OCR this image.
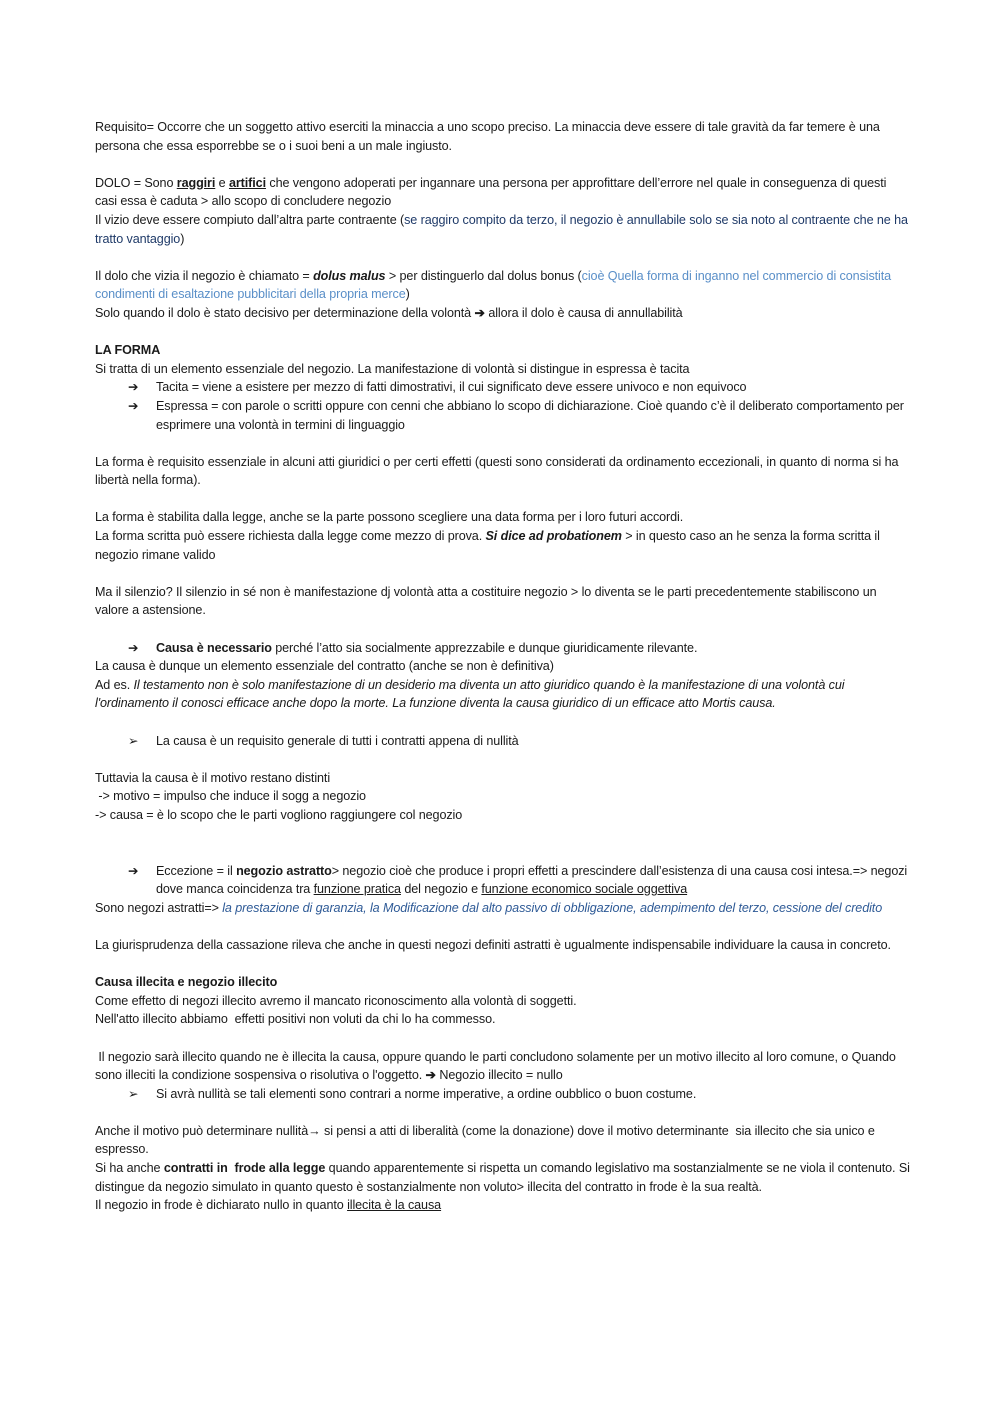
Requisito= Occorre che un soggetto attivo eserciti la minaccia a uno scopo preciso. La minaccia deve essere di tale gravità da far temere è una persona che essa esporrebbe se o i suoi beni a un male ingiusto.

DOLO = Sono raggiri e artifici che vengono adoperati per ingannare una persona per approfittare dell’errore nel quale in conseguenza di questi casi essa è caduta > allo scopo di concludere negozio

Il vizio deve essere compiuto dall’altra parte contraente (se raggiro compito da terzo, il negozio è annullabile solo se sia noto al contraente che ne ha tratto vantaggio)

Il dolo che vizia il negozio è chiamato = dolus malus > per distinguerlo dal dolus bonus (cioè Quella forma di inganno nel commercio di consistita condimenti di esaltazione pubblicitari della propria merce)

Solo quando il dolo è stato decisivo per determinazione della volontà ➔ allora il dolo è causa di annullabilità

LA FORMA

Si tratta di un elemento essenziale del negozio. La manifestazione di volontà si distingue in espressa è tacita

➔	Tacita = viene a esistere per mezzo di fatti dimostrativi, il cui significato deve essere univoco e non equivoco

➔	Espressa = con parole o scritti oppure con cenni che abbiano lo scopo di dichiarazione. Cioè quando c’è il deliberato comportamento per esprimere una volontà in termini di linguaggio

La forma è requisito essenziale in alcuni atti giuridici o per certi effetti (questi sono considerati da ordinamento eccezionali, in quanto di norma si ha libertà nella forma).

La forma è stabilita dalla legge, anche se la parte possono scegliere una data forma per i loro futuri accordi.

La forma scritta può essere richiesta dalla legge come mezzo di prova. Si dice ad probationem > in questo caso an he senza la forma scritta il negozio rimane valido

Ma il silenzio? Il silenzio in sé non è manifestazione dj volontà atta a costituire negozio > lo diventa se le parti precedentemente stabiliscono un valore a astensione.

➔	Causa è necessario perché l’atto sia socialmente apprezzabile e dunque giuridicamente rilevante.

La causa è dunque un elemento essenziale del contratto (anche se non è definitiva)

Ad es. Il testamento non è solo manifestazione di un desiderio ma diventa un atto giuridico quando è la manifestazione di una volontà cui l'ordinamento il conosci efficace anche dopo la morte. La funzione diventa la causa giuridico di un efficace atto Mortis causa.

➢	La causa è un requisito generale di tutti i contratti appena di nullità

Tuttavia la causa è il motivo restano distinti

-> motivo = impulso che induce il sogg a negozio

-> causa = è lo scopo che le parti vogliono raggiungere col negozio

➔	Eccezione = il negozio astratto> negozio cioè che produce i propri effetti a prescindere dall’esistenza di una causa cosi intesa.=> negozi dove manca coincidenza tra funzione pratica del negozio e funzione economico sociale oggettiva

Sono negozi astratti=> la prestazione di garanzia, la Modificazione dal alto passivo di obbligazione, adempimento del terzo, cessione del credito

La giurisprudenza della cassazione rileva che anche in questi negozi definiti astratti è ugualmente indispensabile individuare la causa in concreto.

Causa illecita e negozio illecito

Come effetto di negozi illecito avremo il mancato riconoscimento alla volontà di soggetti.

Nell'atto illecito abbiamo  effetti positivi non voluti da chi lo ha commesso.

Il negozio sarà illecito quando ne è illecita la causa, oppure quando le parti concludono solamente per un motivo illecito al loro comune, o Quando sono illeciti la condizione sospensiva o risolutiva o l'oggetto. ➔ Negozio illecito = nullo

➢	Si avrà nullità se tali elementi sono contrari a norme imperative, a ordine oubblico o buon costume.

Anche il motivo può determinare nullità→ si pensi a atti di liberalità (come la donazione) dove il motivo determinante  sia illecito che sia unico e espresso.

Si ha anche contratti in  frode alla legge quando apparentemente si rispetta un comando legislativo ma sostanzialmente se ne viola il contenuto. Si distingue da negozio simulato in quanto questo è sostanzialmente non voluto> illecita del contratto in frode è la sua realtà.

Il negozio in frode è dichiarato nullo in quanto illecita è la causa
